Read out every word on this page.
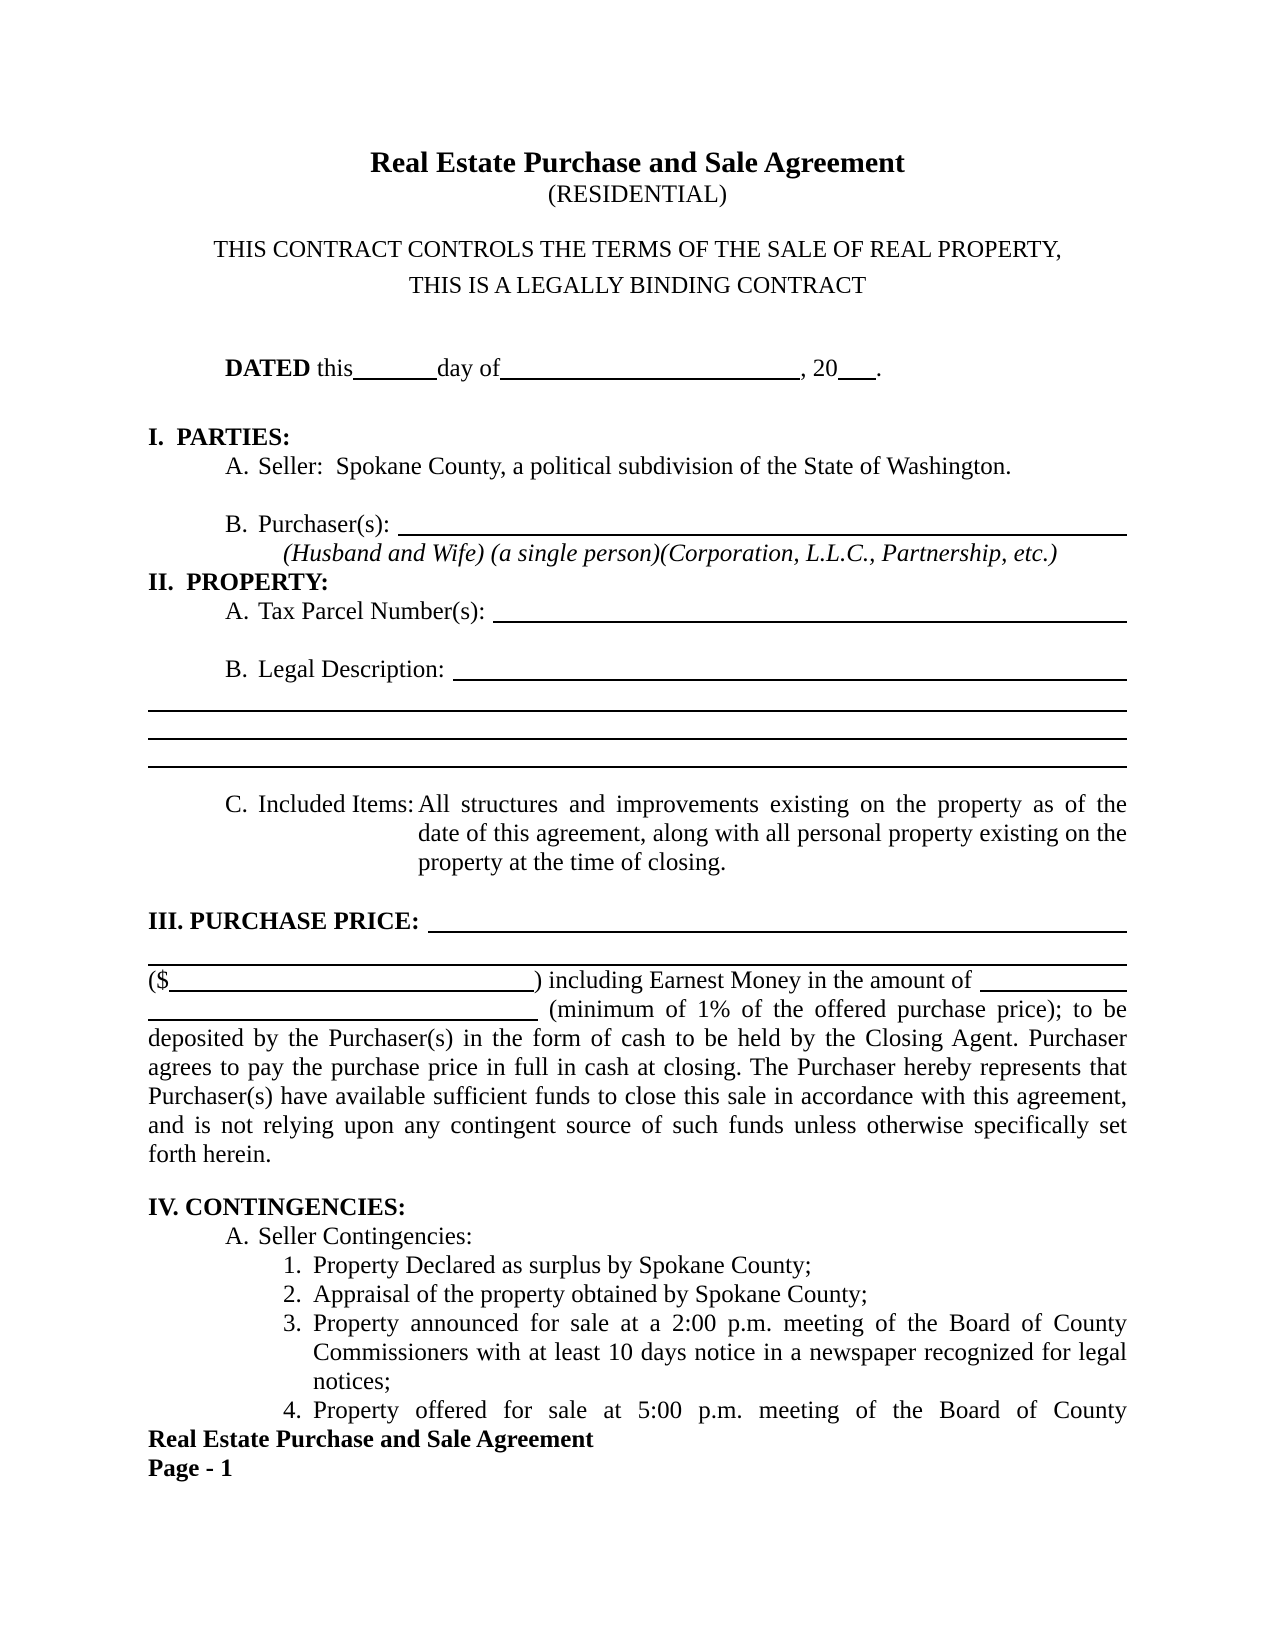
Real Estate Purchase and Sale Agreement
(RESIDENTIAL)
THIS CONTRACT CONTROLS THE TERMS OF THE SALE OF REAL PROPERTY,
THIS IS A LEGALLY BINDING CONTRACT
DATED this	day of	, 20 .
I.  PARTIES:
A. Seller:  Spokane County, a political subdivision of the State of Washington.
B. Purchaser(s):
(Husband and Wife) (a single person)(Corporation, L.L.C., Partnership, etc.)
II.  PROPERTY:
A. Tax Parcel Number(s):
B. Legal Description:
C. Included Items: All structures and improvements existing on the property as of the date of this agreement, along with all personal property existing on the property at the time of closing.
III. PURCHASE PRICE:
($	) including Earnest Money in the amount of
(minimum of 1% of the offered purchase price); to be
deposited by the Purchaser(s) in the form of cash to be held by the Closing Agent. Purchaser agrees to pay the purchase price in full in cash at closing. The Purchaser hereby represents that Purchaser(s) have available sufficient funds to close this sale in accordance with this agreement, and is not relying upon any contingent source of such funds unless otherwise specifically set forth herein.
IV. CONTINGENCIES:
A. Seller Contingencies:
1. Property Declared as surplus by Spokane County;
2. Appraisal of the property obtained by Spokane County;
3. Property announced for sale at a 2:00 p.m. meeting of the Board of County Commissioners with at least 10 days notice in a newspaper recognized for legal notices;
4. Property offered for sale at 5:00 p.m. meeting of the Board of County
Real Estate Purchase and Sale Agreement
Page - 1
